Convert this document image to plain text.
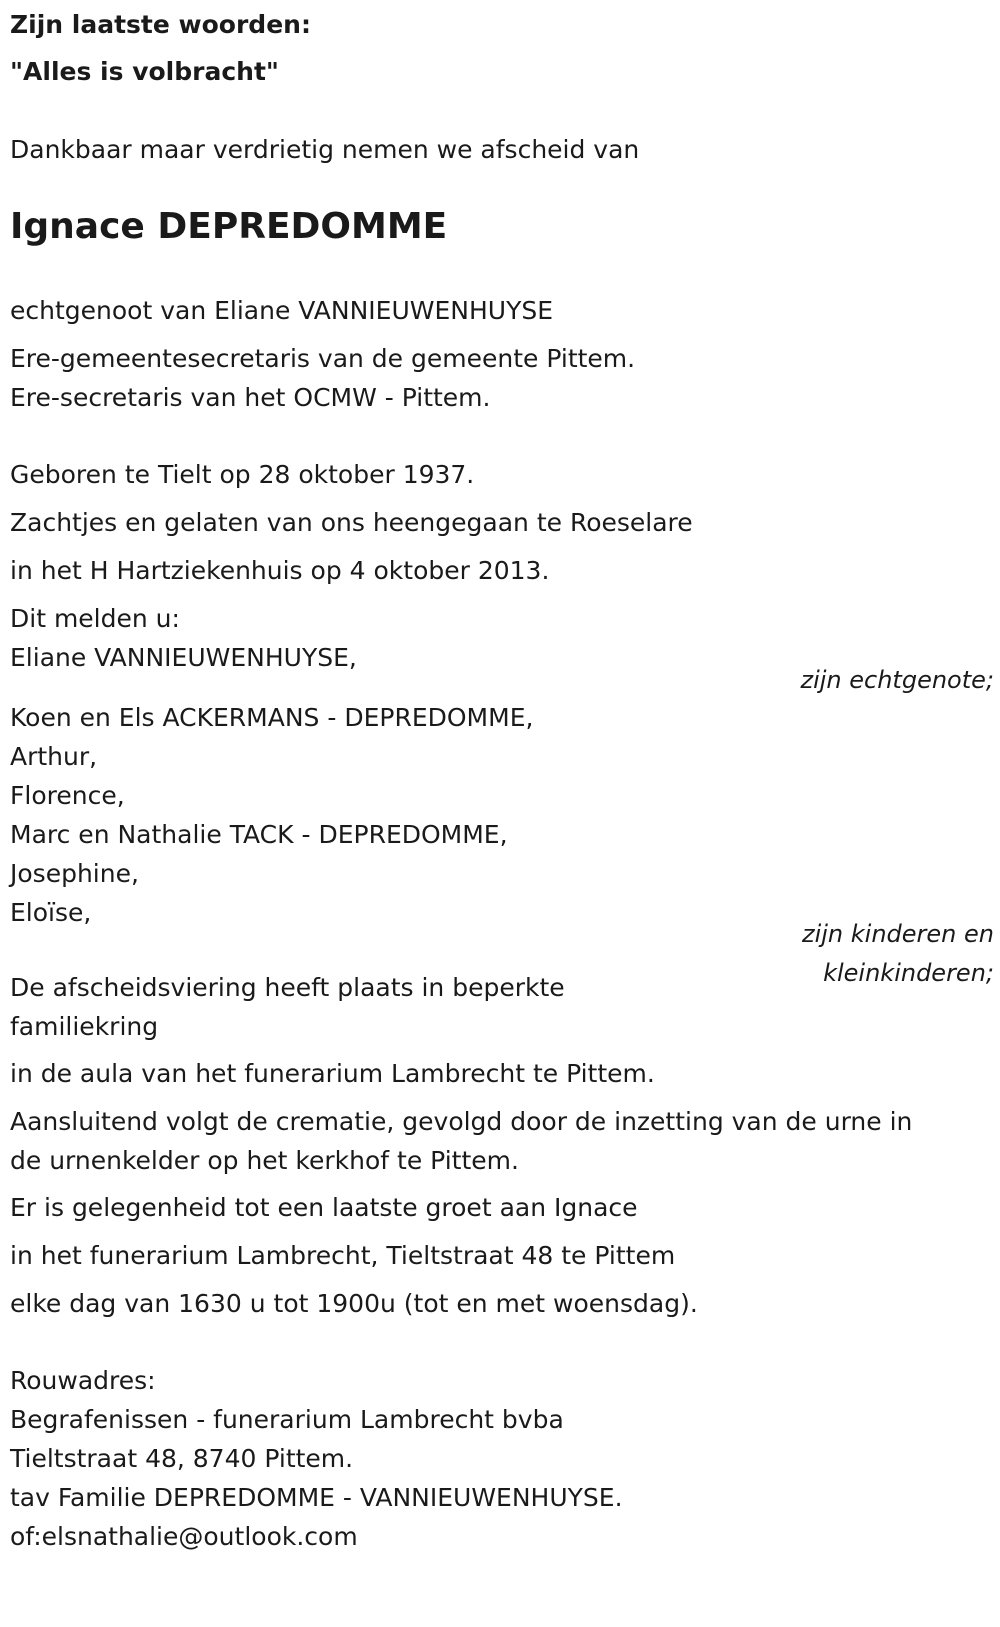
Zijn laatste woorden:
"Alles is volbracht"
Dankbaar maar verdrietig nemen we afscheid van
Ignace DEPREDOMME
echtgenoot van Eliane VANNIEUWENHUYSE
Ere-gemeentesecretaris van de gemeente Pittem.
Ere-secretaris van het OCMW - Pittem.
Geboren te Tielt op 28 oktober 1937.
Zachtjes en gelaten van ons heengegaan te Roeselare
in het H Hartziekenhuis op 4 oktober 2013.
Dit melden u:
Eliane VANNIEUWENHUYSE,
zijn echtgenote;
Koen en Els ACKERMANS - DEPREDOMME,
Arthur,
Florence,
Marc en Nathalie TACK - DEPREDOMME,
Josephine,
Eloïse,
zijn kinderen en
kleinkinderen;
De afscheidsviering heeft plaats in beperkte
familiekring
in de aula van het funerarium Lambrecht te Pittem.
Aansluitend volgt de crematie, gevolgd door de inzetting van de urne in
de urnenkelder op het kerkhof te Pittem.
Er is gelegenheid tot een laatste groet aan Ignace
in het funerarium Lambrecht, Tieltstraat 48 te Pittem
elke dag van 1630 u tot 1900u (tot en met woensdag).
Rouwadres:
Begrafenissen - funerarium Lambrecht bvba
Tieltstraat 48, 8740 Pittem.
tav Familie DEPREDOMME - VANNIEUWENHUYSE.
of:elsnathalie@outlook.com
